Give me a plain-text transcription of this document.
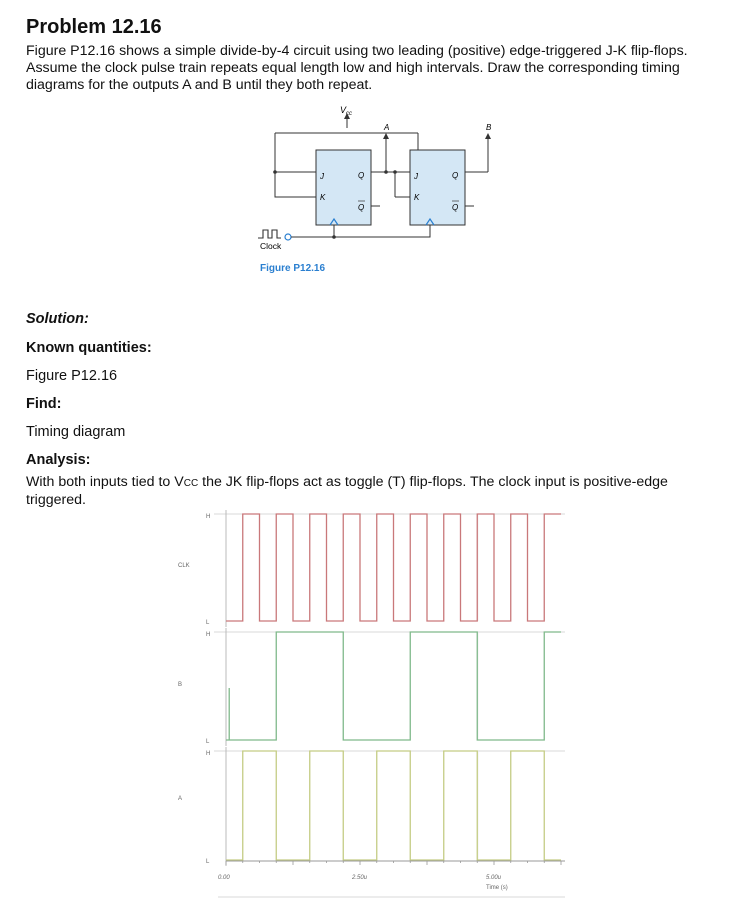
Problem 12.16
Figure P12.16 shows a simple divide-by-4 circuit using two leading (positive) edge-triggered J-K flip-flops. Assume the clock pulse train repeats equal length low and high intervals. Draw the corresponding timing diagrams for the outputs A and B until they both repeat.
$V_{cc}$
J
K
Q
Q
A
J
K
Q
Q
B
Clock
Figure P12.16
Solution:
Known quantities:
Figure P12.16
Find:
Timing diagram
Analysis:
With both inputs tied to VCC the JK flip-flops act as toggle (T) flip-flops. The clock input is positive-edge triggered.
H
L
CLK
H
L
B
H
L
A
0.00	2.50u	5.00u
Time (s)
